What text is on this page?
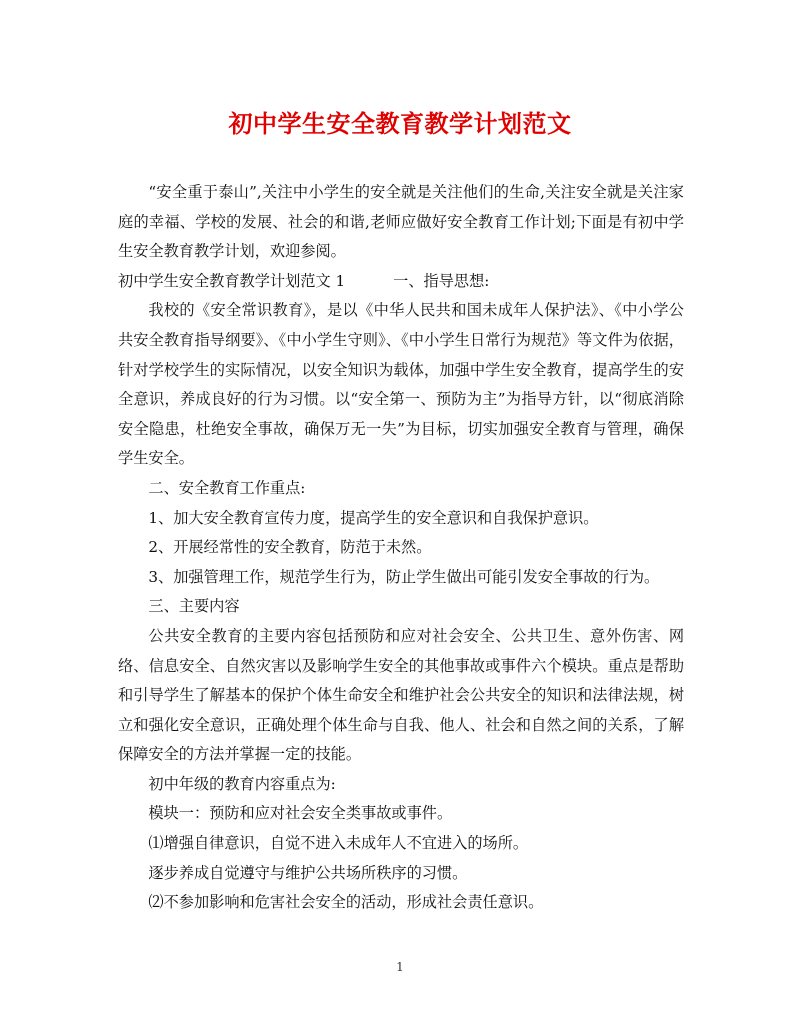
初中学生安全教育教学计划范文

“安全重于泰山”,关注中小学生的安全就是关注他们的生命,关注安全就是关注家庭的幸福、学校的发展、社会的和谐,老师应做好安全教育工作计划;下面是有初中学生安全教育教学计划，欢迎参阅。

初中学生安全教育教学计划范文 1	一、指导思想:

我校的《安全常识教育》，是以《中华人民共和国未成年人保护法》、《中小学公共安全教育指导纲要》、《中小学生守则》、《中小学生日常行为规范》等文件为依据，针对学校学生的实际情况，以安全知识为载体，加强中学生安全教育，提高学生的安全意识，养成良好的行为习惯。以“安全第一、预防为主”为指导方针，以“彻底消除安全隐患，杜绝安全事故，确保万无一失”为目标，切实加强安全教育与管理，确保学生安全。

二、安全教育工作重点:

1、加大安全教育宣传力度，提高学生的安全意识和自我保护意识。

2、开展经常性的安全教育，防范于未然。

3、加强管理工作，规范学生行为，防止学生做出可能引发安全事故的行为。

三、主要内容

公共安全教育的主要内容包括预防和应对社会安全、公共卫生、意外伤害、网络、信息安全、自然灾害以及影响学生安全的其他事故或事件六个模块。重点是帮助和引导学生了解基本的保护个体生命安全和维护社会公共安全的知识和法律法规，树立和强化安全意识，正确处理个体生命与自我、他人、社会和自然之间的关系，了解保障安全的方法并掌握一定的技能。

初中年级的教育内容重点为:

模块一：预防和应对社会安全类事故或事件。

⑴增强自律意识，自觉不进入未成年人不宜进入的场所。

逐步养成自觉遵守与维护公共场所秩序的习惯。

⑵不参加影响和危害社会安全的活动，形成社会责任意识。

1
